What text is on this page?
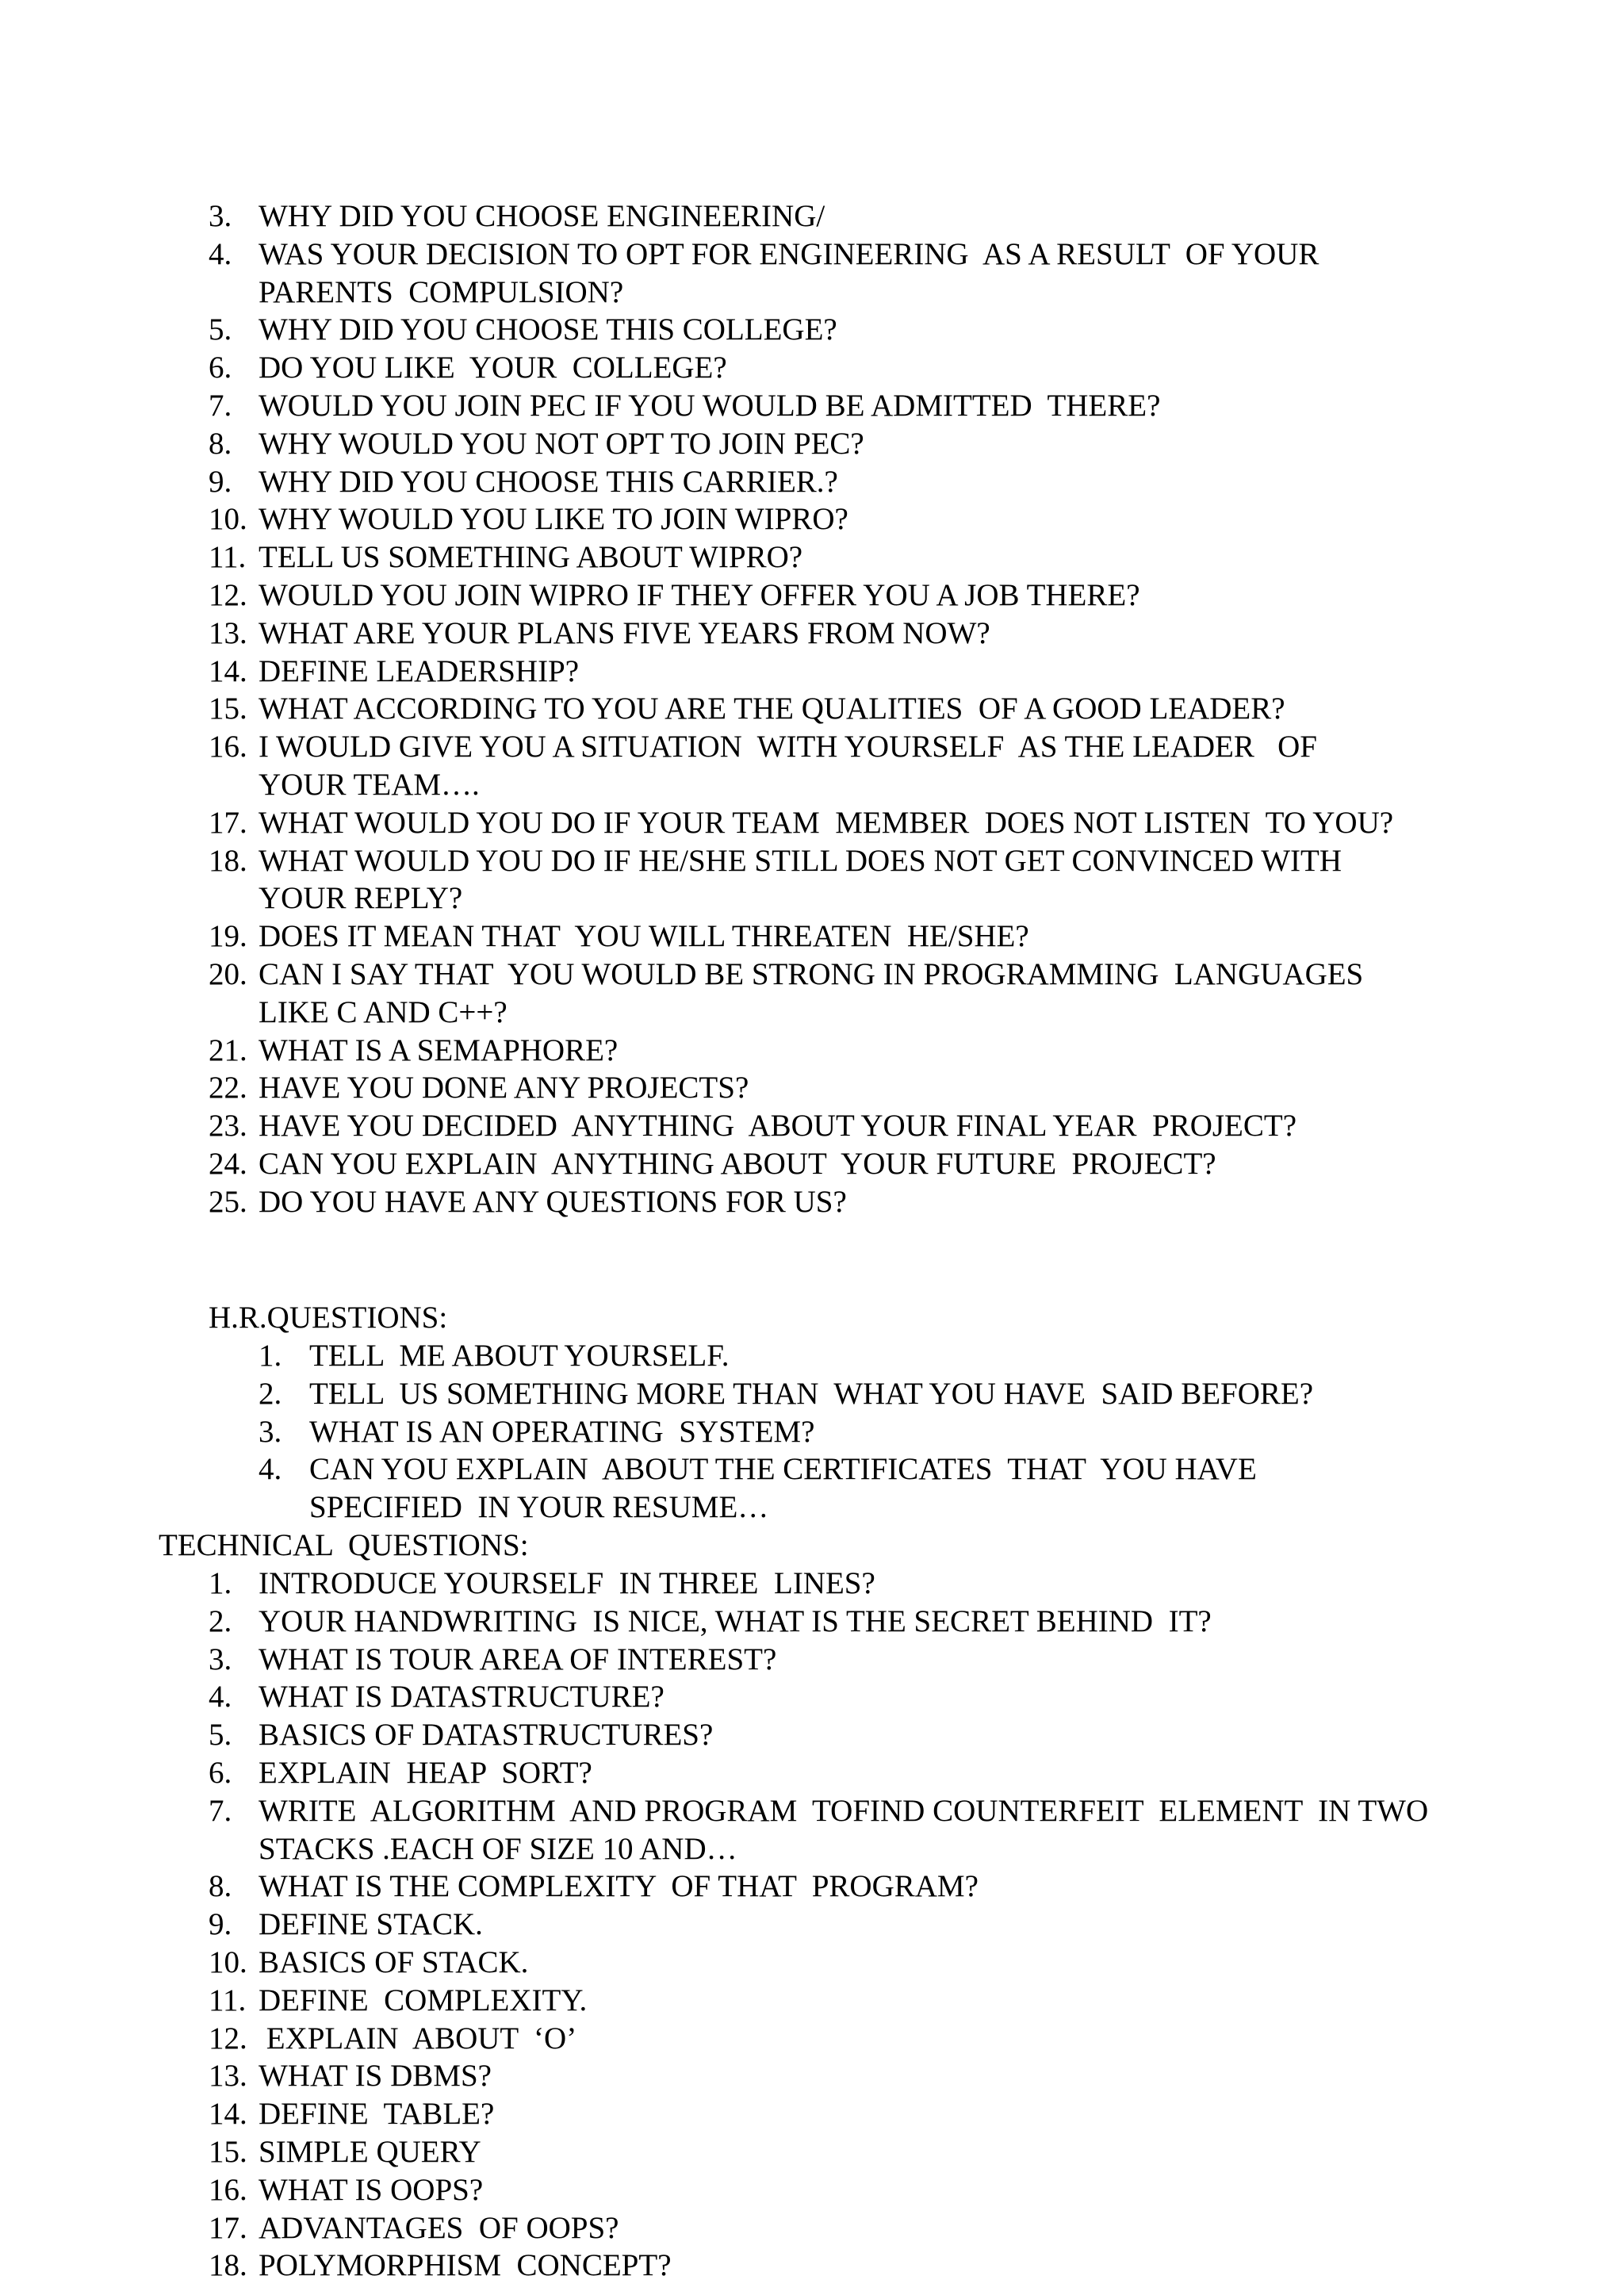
3. WHY DID YOU CHOOSE ENGINEERING/
4. WAS YOUR DECISION TO OPT FOR ENGINEERING  AS A RESULT  OF YOUR
PARENTS  COMPULSION?
5. WHY DID YOU CHOOSE THIS COLLEGE?
6. DO YOU LIKE  YOUR  COLLEGE?
7. WOULD YOU JOIN PEC IF YOU WOULD BE ADMITTED  THERE?
8. WHY WOULD YOU NOT OPT TO JOIN PEC?
9. WHY DID YOU CHOOSE THIS CARRIER.?
10. WHY WOULD YOU LIKE TO JOIN WIPRO?
11. TELL US SOMETHING ABOUT WIPRO?
12. WOULD YOU JOIN WIPRO IF THEY OFFER YOU A JOB THERE?
13. WHAT ARE YOUR PLANS FIVE YEARS FROM NOW?
14. DEFINE LEADERSHIP?
15. WHAT ACCORDING TO YOU ARE THE QUALITIES  OF A GOOD LEADER?
16. I WOULD GIVE YOU A SITUATION  WITH YOURSELF  AS THE LEADER   OF
YOUR TEAM….
17. WHAT WOULD YOU DO IF YOUR TEAM  MEMBER  DOES NOT LISTEN  TO YOU?
18. WHAT WOULD YOU DO IF HE/SHE STILL DOES NOT GET CONVINCED WITH
YOUR REPLY?
19. DOES IT MEAN THAT  YOU WILL THREATEN  HE/SHE?
20. CAN I SAY THAT  YOU WOULD BE STRONG IN PROGRAMMING  LANGUAGES
LIKE C AND C++?
21. WHAT IS A SEMAPHORE?
22. HAVE YOU DONE ANY PROJECTS?
23. HAVE YOU DECIDED  ANYTHING  ABOUT YOUR FINAL YEAR  PROJECT?
24. CAN YOU EXPLAIN  ANYTHING ABOUT  YOUR FUTURE  PROJECT?
25. DO YOU HAVE ANY QUESTIONS FOR US?
H.R.QUESTIONS:
1. TELL  ME ABOUT YOURSELF.
2. TELL  US SOMETHING MORE THAN  WHAT YOU HAVE  SAID BEFORE?
3. WHAT IS AN OPERATING  SYSTEM?
4. CAN YOU EXPLAIN  ABOUT THE CERTIFICATES  THAT  YOU HAVE
SPECIFIED  IN YOUR RESUME…
TECHNICAL  QUESTIONS:
1. INTRODUCE YOURSELF  IN THREE  LINES?
2. YOUR HANDWRITING  IS NICE, WHAT IS THE SECRET BEHIND  IT?
3. WHAT IS TOUR AREA OF INTEREST?
4. WHAT IS DATASTRUCTURE?
5. BASICS OF DATASTRUCTURES?
6. EXPLAIN  HEAP  SORT?
7. WRITE  ALGORITHM  AND PROGRAM  TOFIND COUNTERFEIT  ELEMENT  IN TWO
STACKS .EACH OF SIZE 10 AND…
8. WHAT IS THE COMPLEXITY  OF THAT  PROGRAM?
9. DEFINE STACK.
10. BASICS OF STACK.
11. DEFINE  COMPLEXITY.
12. EXPLAIN  ABOUT  ‘O’
13. WHAT IS DBMS?
14. DEFINE  TABLE?
15. SIMPLE QUERY
16. WHAT IS OOPS?
17. ADVANTAGES  OF OOPS?
18. POLYMORPHISM  CONCEPT?
